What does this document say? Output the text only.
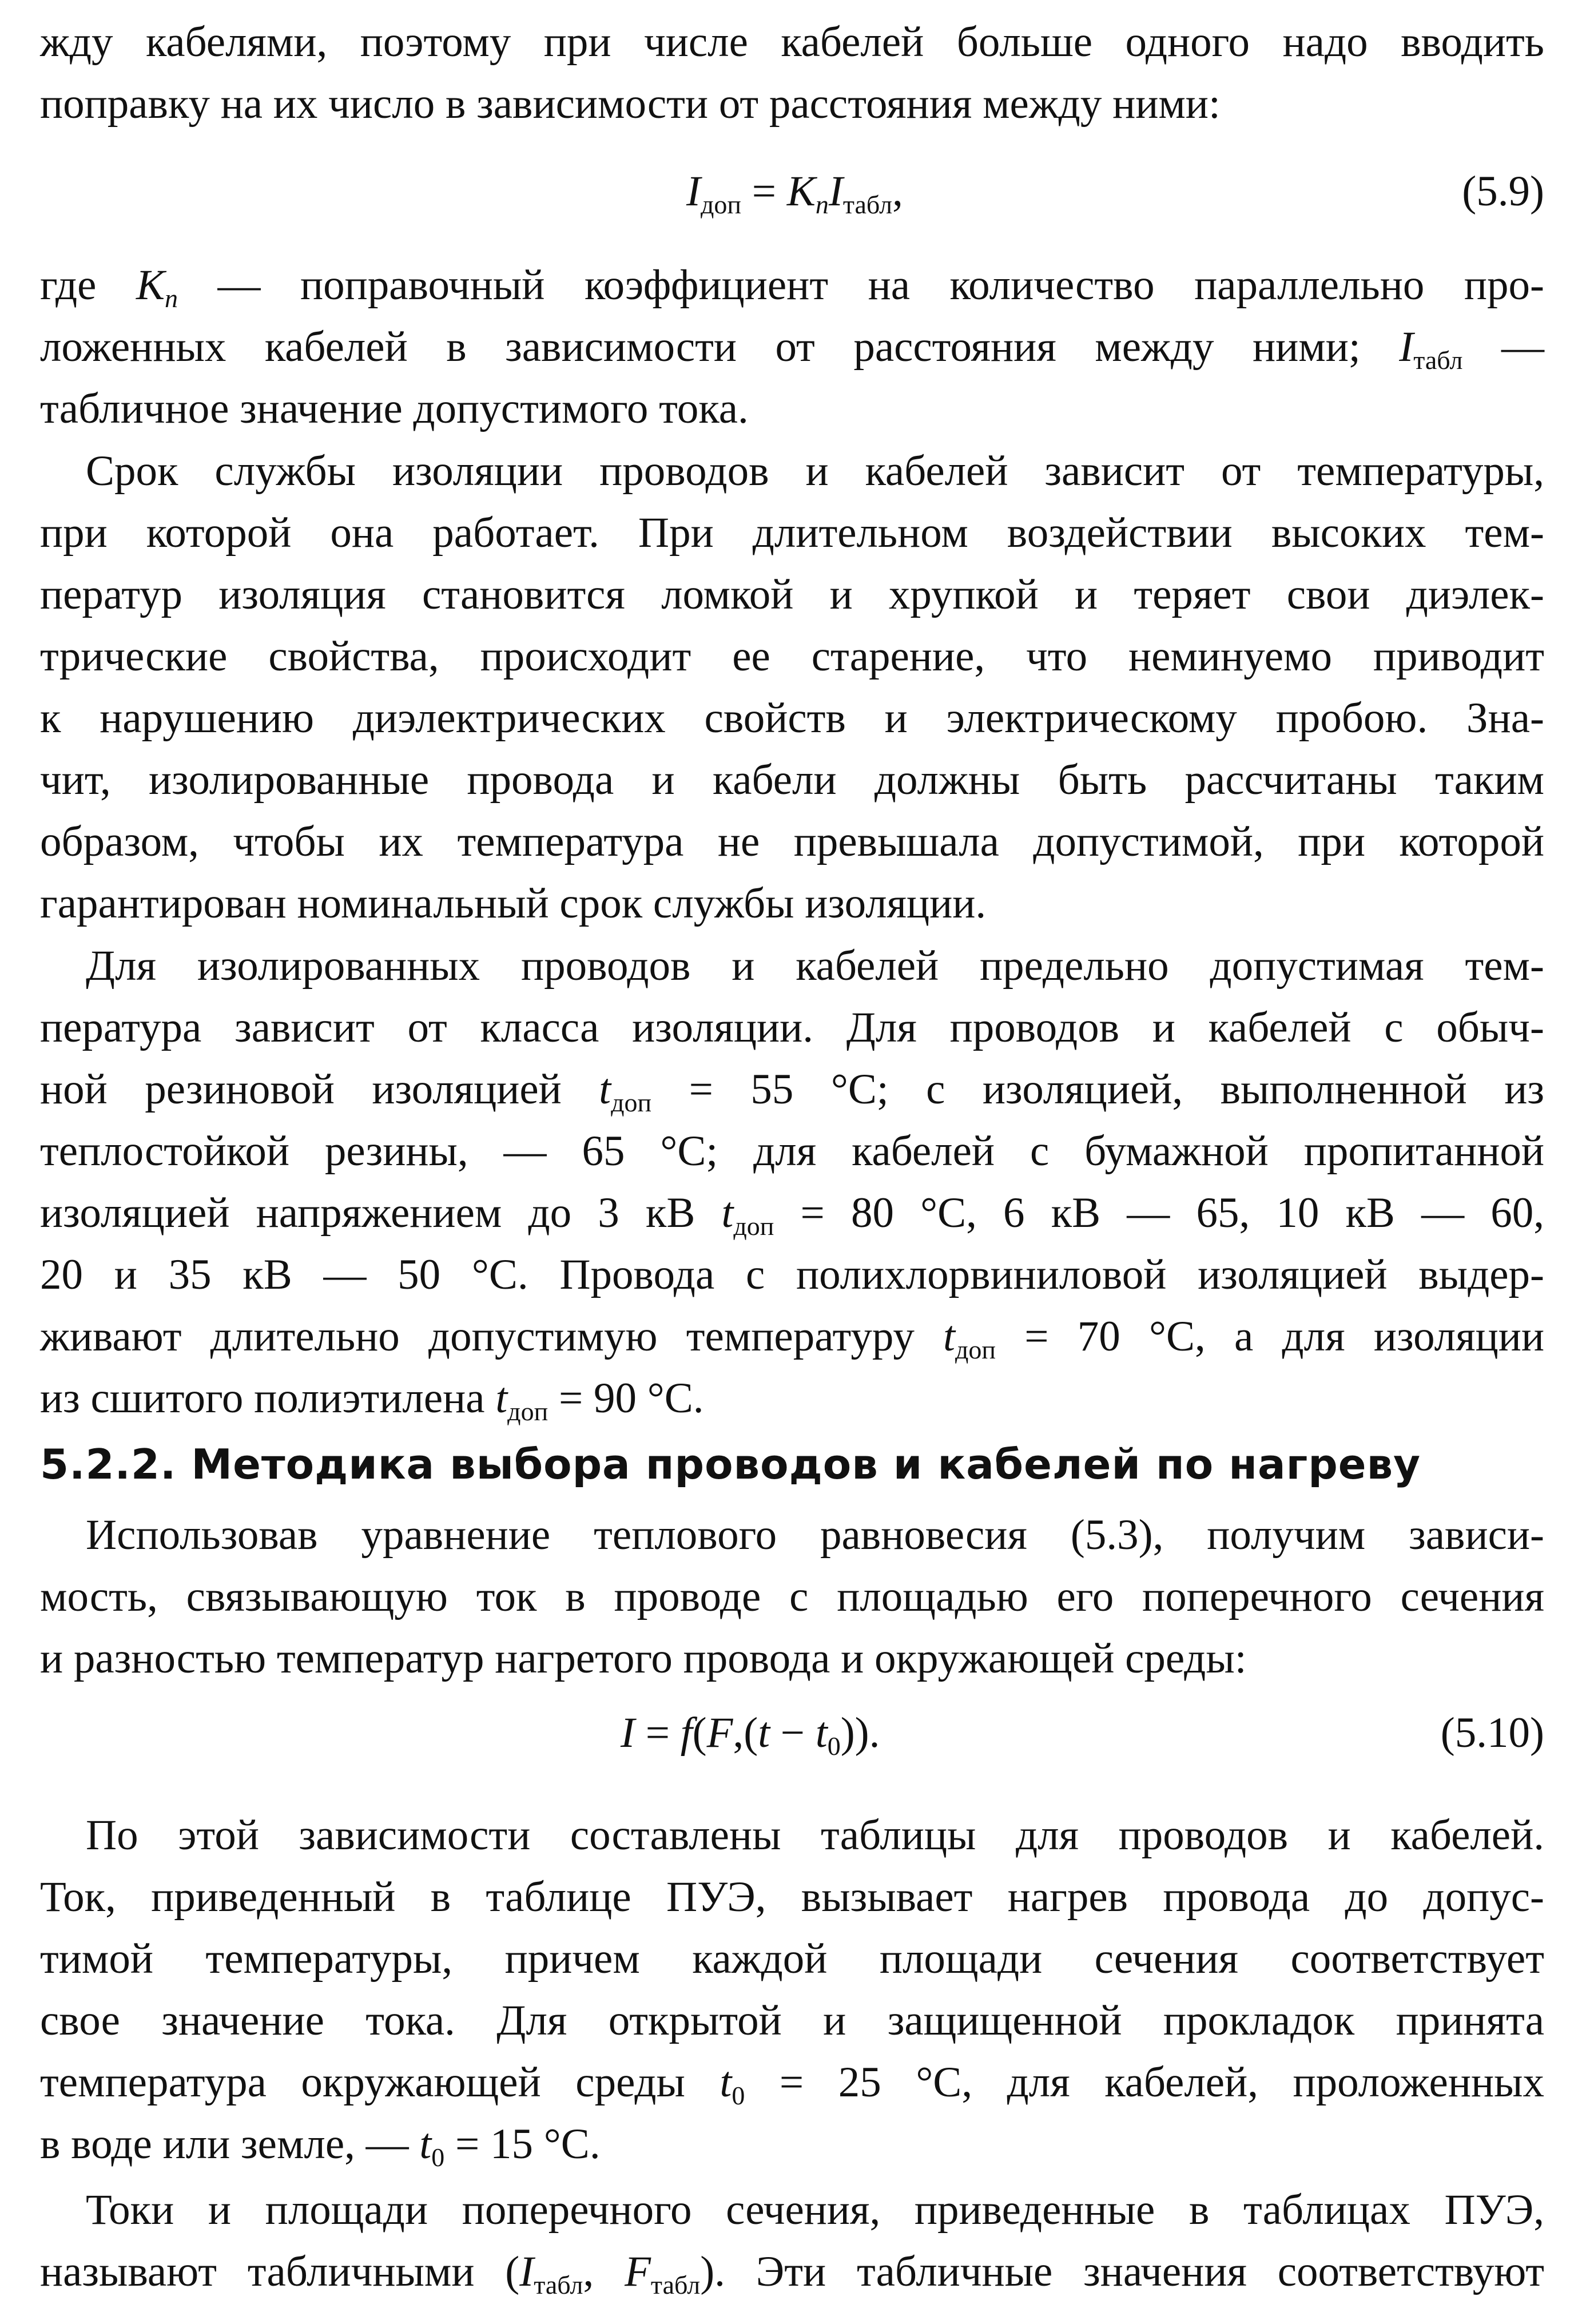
жду кабелями, поэтому при числе кабелей больше одного надо вводить
поправку на их число в зависимости от расстояния между ними:
$I_{доп} = K_nI_{табл}$,	(5.9)
где $K_n$ — поправочный коэффициент на количество параллельно про-
ложенных кабелей в зависимости от расстояния между ними; $I_{табл}$ —
табличное значение допустимого тока.
Срок службы изоляции проводов и кабелей зависит от температуры,
при которой она работает. При длительном воздействии высоких тем-
ператур изоляция становится ломкой и хрупкой и теряет свои диэлек-
трические свойства, происходит ее старение, что неминуемо приводит
к нарушению диэлектрических свойств и электрическому пробою. Зна-
чит, изолированные провода и кабели должны быть рассчитаны таким
образом, чтобы их температура не превышала допустимой, при которой
гарантирован номинальный срок службы изоляции.
Для изолированных проводов и кабелей предельно допустимая тем-
пература зависит от класса изоляции. Для проводов и кабелей с обыч-
ной резиновой изоляцией $t_{доп} = 55$ °С; с изоляцией, выполненной из
теплостойкой резины, — 65 °С; для кабелей с бумажной пропитанной
изоляцией напряжением до 3 кВ $t_{доп} = 80$ °С, 6 кВ — 65, 10 кВ — 60,
20 и 35 кВ — 50 °С. Провода с полихлорвиниловой изоляцией выдер-
живают длительно допустимую температуру $t_{доп} = 70$ °С, а для изоляции
из сшитого полиэтилена $t_{доп} = 90$ °С.
5.2.2. Методика выбора проводов и кабелей по нагреву
Использовав уравнение теплового равновесия (5.3), получим зависи-
мость, связывающую ток в проводе с площадью его поперечного сечения
и разностью температур нагретого провода и окружающей среды:
$I = f(F,(t - t_0))$.	(5.10)
По этой зависимости составлены таблицы для проводов и кабелей.
Ток, приведенный в таблице ПУЭ, вызывает нагрев провода до допус-
тимой температуры, причем каждой площади сечения соответствует
свое значение тока. Для открытой и защищенной прокладок принята
температура окружающей среды $t_0 = 25$ °С, для кабелей, проложенных
в воде или земле, — $t_0 = 15$ °С.
Токи и площади поперечного сечения, приведенные в таблицах ПУЭ,
называют табличными ($I_{табл}$, $F_{табл}$). Эти табличные значения соответствуют
